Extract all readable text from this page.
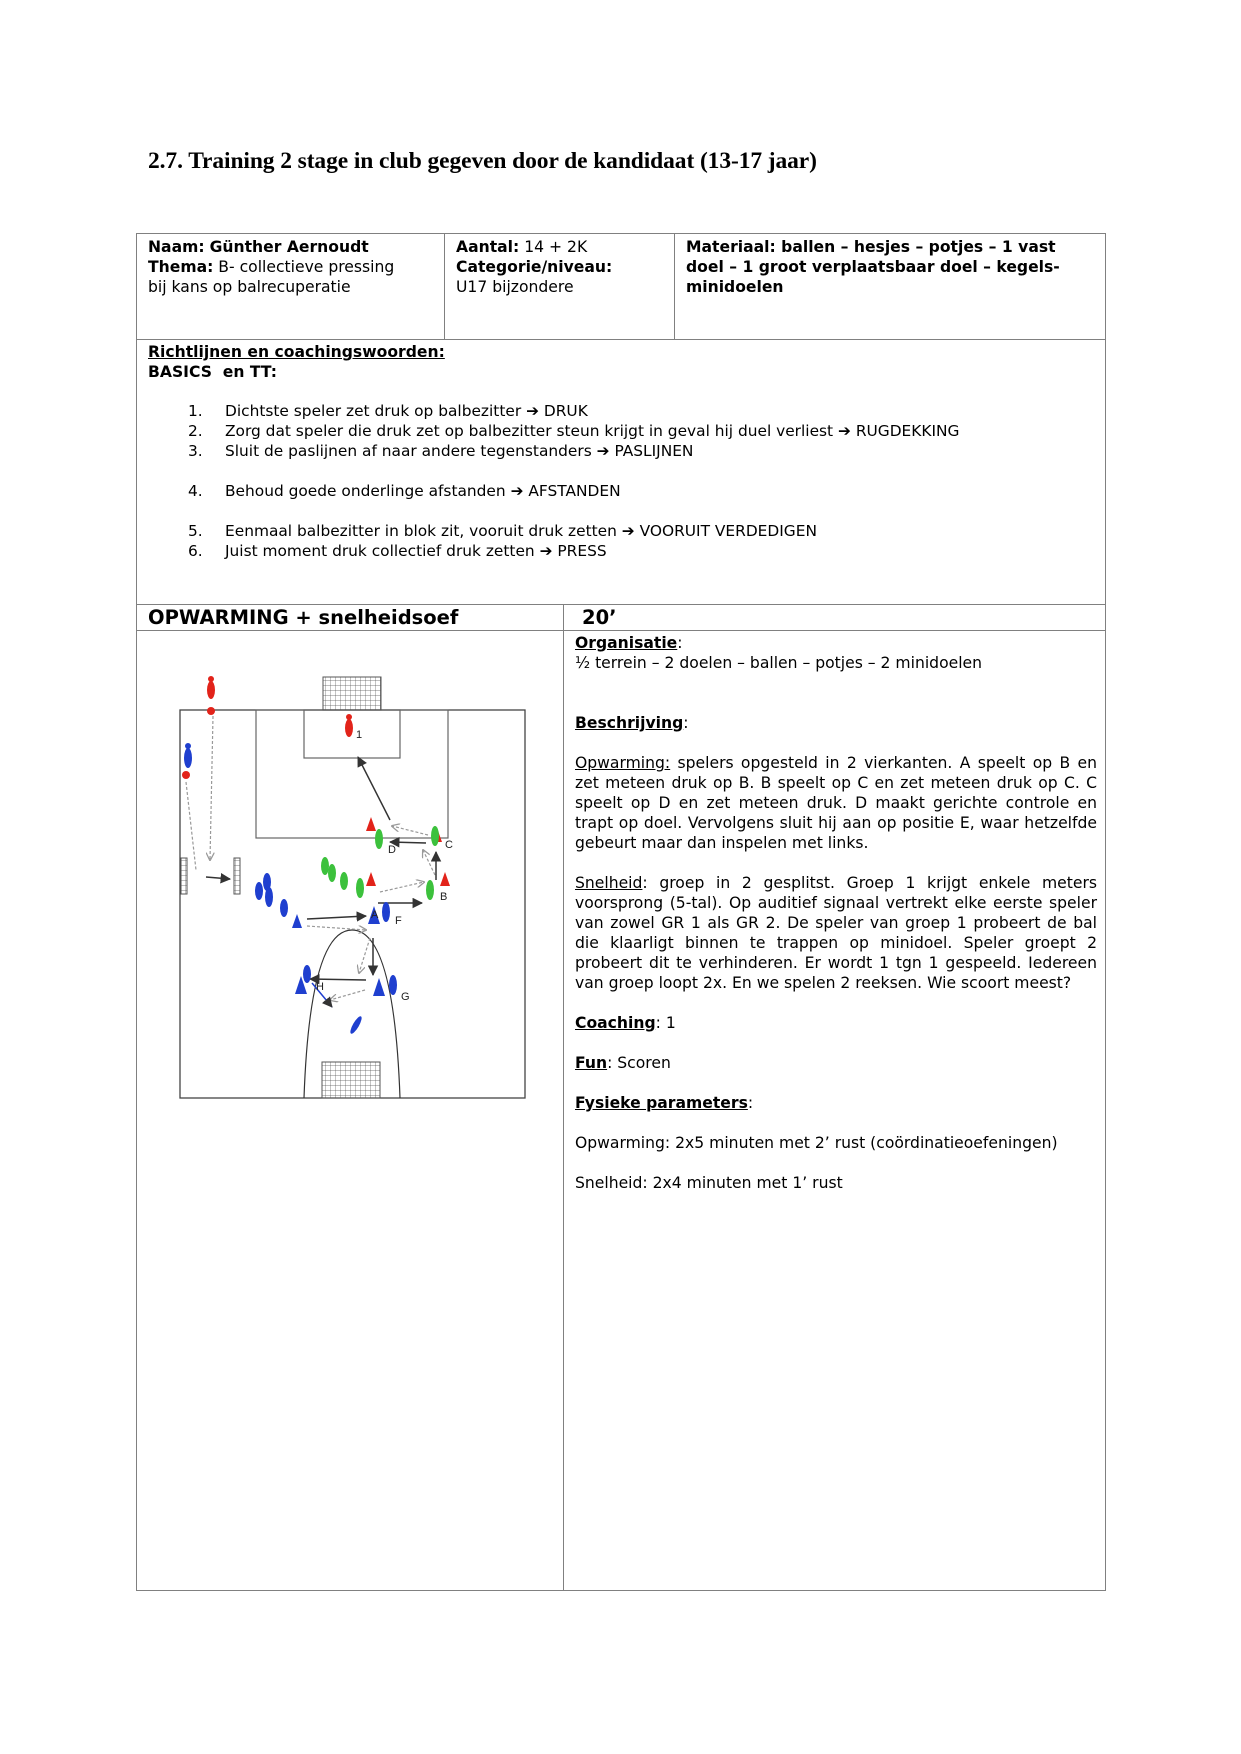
2.7. Training 2 stage in club gegeven door de kandidaat (13-17 jaar)
Naam: Günther Aernoudt
Thema: B- collectieve pressing
bij kans op balrecuperatie
Aantal: 14 + 2K
Categorie/niveau:
U17 bijzondere
Materiaal: ballen – hesjes – potjes – 1 vast
doel – 1 groot verplaatsbaar doel – kegels-
minidoelen
Richtlijnen en coachingswoorden:
BASICS  en TT:
1.	Dichtste speler zet druk op balbezitter
➔
DRUK
2.	Zorg dat speler die druk zet op balbezitter steun krijgt in geval hij duel verliest
➔
RUGDEKKING
3.	Sluit de paslijnen af naar andere tegenstanders
➔
PASLIJNEN
4.	Behoud goede onderlinge afstanden
➔
AFSTANDEN
5.	Eenmaal balbezitter in blok zit, vooruit druk zetten
➔
VOORUIT VERDEDIGEN
6.	Juist moment druk collectief druk zetten
➔
PRESS
OPWARMING + snelheidsoef	20’
1
A
B
C
D
F
G
H

Organisatie:

½ terrein – 2 doelen – ballen – potjes – 2 minidoelen

Beschrijving:

Opwarming: spelers opgesteld in 2 vierkanten. A speelt op B en zet meteen druk op B. B speelt op C en zet meteen druk op C. C speelt op D en zet meteen druk. D maakt gerichte controle en trapt op doel. Vervolgens sluit hij aan op positie E, waar hetzelfde gebeurt maar dan inspelen met links.

Snelheid: groep in 2 gesplitst. Groep 1 krijgt enkele meters voorsprong (5-tal). Op auditief signaal vertrekt elke eerste speler van zowel GR 1 als GR 2. De speler van groep 1 probeert de bal die klaarligt binnen te trappen op minidoel. Speler groept 2 probeert dit te verhinderen. Er wordt 1 tgn 1 gespeeld. Iedereen van groep loopt 2x. En we spelen 2 reeksen. Wie scoort meest?

Coaching: 1

Fun: Scoren

Fysieke parameters:

Opwarming: 2x5 minuten met 2’ rust (coördinatieoefeningen)

Snelheid: 2x4 minuten met 1’ rust
